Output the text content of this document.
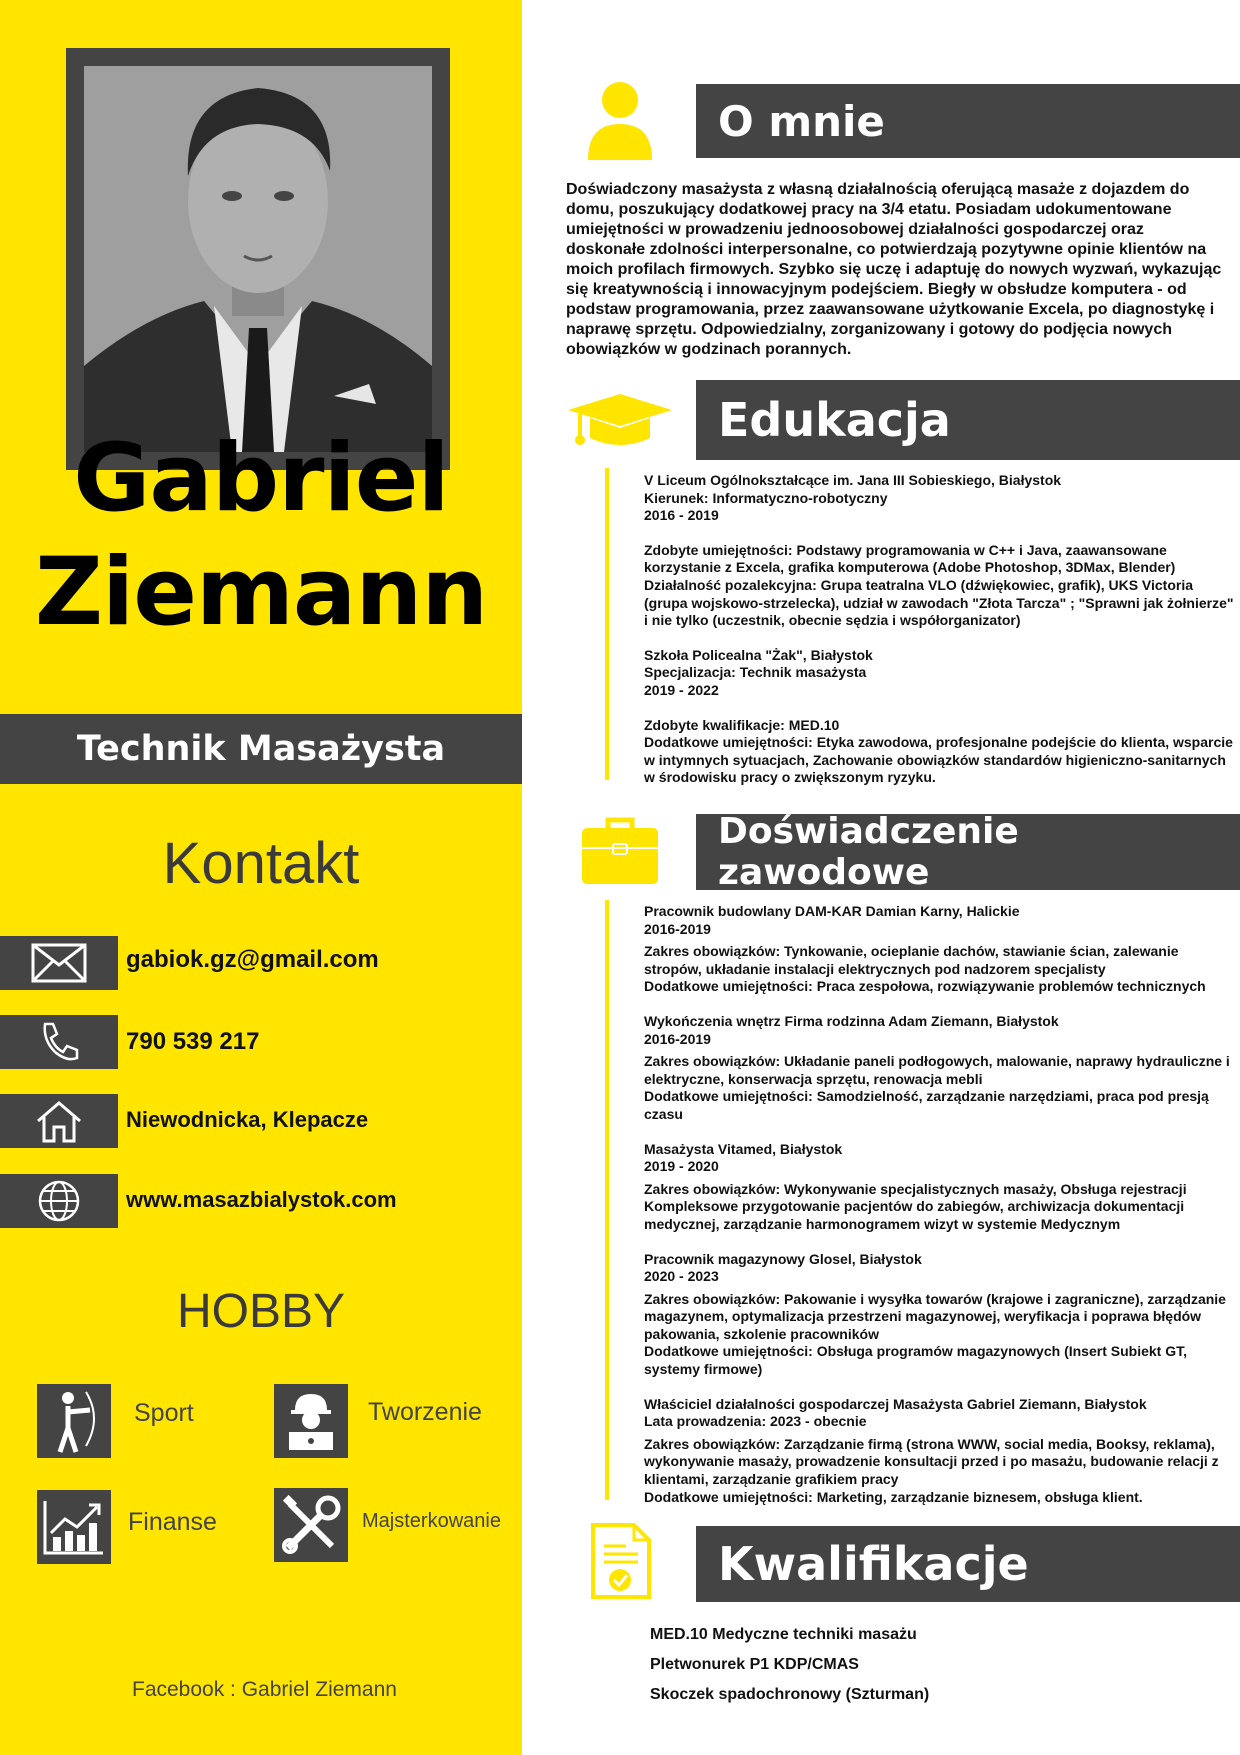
Gabriel
Ziemann
Technik Masażysta
Kontakt
gabiok.gz@gmail.com
790 539 217
Niewodnicka, Klepacze
www.masazbialystok.com
HOBBY
Sport	Tworzenie
Finanse	Majsterkowanie
Facebook : Gabriel Ziemann
O mnie
Doświadczony masażysta z własną działalnością oferującą masaże z dojazdem do domu, poszukujący dodatkowej pracy na 3/4 etatu. Posiadam udokumentowane umiejętności w prowadzeniu jednoosobowej działalności gospodarczej oraz doskonałe zdolności interpersonalne, co potwierdzają pozytywne opinie klientów na moich profilach firmowych. Szybko się uczę i adaptuję do nowych wyzwań, wykazując się kreatywnością i innowacyjnym podejściem. Biegły w obsłudze komputera - od podstaw programowania, przez zaawansowane użytkowanie Excela, po diagnostykę i naprawę sprzętu. Odpowiedzialny, zorganizowany i gotowy do podjęcia nowych obowiązków w godzinach porannych.
Edukacja

V Liceum Ogólnokształcące im. Jana III Sobieskiego, Białystok

Kierunek: Informatyczno-robotyczny

2016 - 2019

Zdobyte umiejętności: Podstawy programowania w C++ i Java, zaawansowane korzystanie z Excela, grafika komputerowa (Adobe Photoshop, 3DMax, Blender)

Działalność pozalekcyjna: Grupa teatralna VLO (dźwiękowiec, grafik), UKS Victoria (grupa wojskowo-strzelecka), udział w zawodach "Złota Tarcza" ; "Sprawni jak żołnierze" i nie tylko (uczestnik, obecnie sędzia i współorganizator)

Szkoła Policealna "Żak", Białystok

Specjalizacja: Technik masażysta

2019 - 2022

Zdobyte kwalifikacje: MED.10

Dodatkowe umiejętności: Etyka zawodowa, profesjonalne podejście do klienta, wsparcie w intymnych sytuacjach, Zachowanie obowiązków standardów higieniczno-sanitarnych w środowisku pracy o zwiększonym ryzyku.

Doświadczenie zawodowe

Pracownik budowlany DAM-KAR Damian Karny, Halickie

2016-2019

Zakres obowiązków: Tynkowanie, ocieplanie dachów, stawianie ścian, zalewanie stropów, układanie instalacji elektrycznych pod nadzorem specjalisty

Dodatkowe umiejętności: Praca zespołowa, rozwiązywanie problemów technicznych

Wykończenia wnętrz Firma rodzinna Adam Ziemann, Białystok

2016-2019

Zakres obowiązków: Układanie paneli podłogowych, malowanie, naprawy hydrauliczne i elektryczne, konserwacja sprzętu, renowacja mebli

Dodatkowe umiejętności: Samodzielność, zarządzanie narzędziami, praca pod presją czasu

Masażysta Vitamed, Białystok

2019 - 2020

Zakres obowiązków: Wykonywanie specjalistycznych masaży, Obsługa rejestracji Kompleksowe przygotowanie pacjentów do zabiegów, archiwizacja dokumentacji medycznej, zarządzanie harmonogramem wizyt w systemie Medycznym

Pracownik magazynowy Glosel, Białystok

2020 - 2023

Zakres obowiązków: Pakowanie i wysyłka towarów (krajowe i zagraniczne), zarządzanie magazynem, optymalizacja przestrzeni magazynowej, weryfikacja i poprawa błędów pakowania, szkolenie pracowników

Dodatkowe umiejętności: Obsługa programów magazynowych (Insert Subiekt GT, systemy firmowe)

Właściciel działalności gospodarczej Masażysta Gabriel Ziemann, Białystok

Lata prowadzenia: 2023 - obecnie

Zakres obowiązków: Zarządzanie firmą (strona WWW, social media, Booksy, reklama), wykonywanie masaży, prowadzenie konsultacji przed i po masażu, budowanie relacji z klientami, zarządzanie grafikiem pracy

Dodatkowe umiejętności: Marketing, zarządzanie biznesem, obsługa klient.

Kwalifikacje
MED.10 Medyczne techniki masażu
Pletwonurek P1 KDP/CMAS
Skoczek spadochronowy (Szturman)
